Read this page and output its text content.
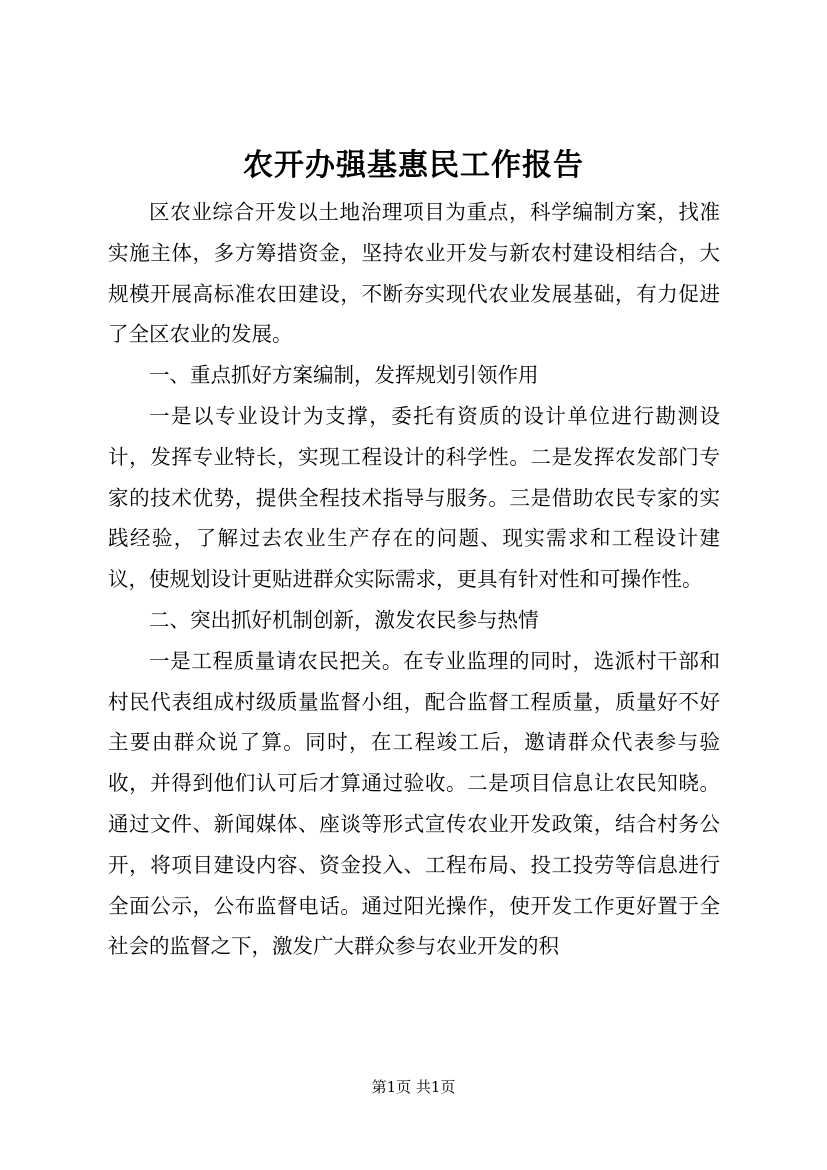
农开办强基惠民工作报告

区农业综合开发以土地治理项目为重点，科学编制方案，找准实施主体，多方筹措资金，坚持农业开发与新农村建设相结合，大规模开展高标准农田建设，不断夯实现代农业发展基础，有力促进了全区农业的发展。

一、重点抓好方案编制，发挥规划引领作用

一是以专业设计为支撑，委托有资质的设计单位进行勘测设计，发挥专业特长，实现工程设计的科学性。二是发挥农发部门专家的技术优势，提供全程技术指导与服务。三是借助农民专家的实践经验，了解过去农业生产存在的问题、现实需求和工程设计建议，使规划设计更贴进群众实际需求，更具有针对性和可操作性。

二、突出抓好机制创新，激发农民参与热情

一是工程质量请农民把关。在专业监理的同时，选派村干部和村民代表组成村级质量监督小组，配合监督工程质量，质量好不好主要由群众说了算。同时，在工程竣工后，邀请群众代表参与验收，并得到他们认可后才算通过验收。二是项目信息让农民知晓。通过文件、新闻媒体、座谈等形式宣传农业开发政策，结合村务公开，将项目建设内容、资金投入、工程布局、投工投劳等信息进行全面公示，公布监督电话。通过阳光操作，使开发工作更好置于全社会的监督之下，激发广大群众参与农业开发的积

第1页 共1页
